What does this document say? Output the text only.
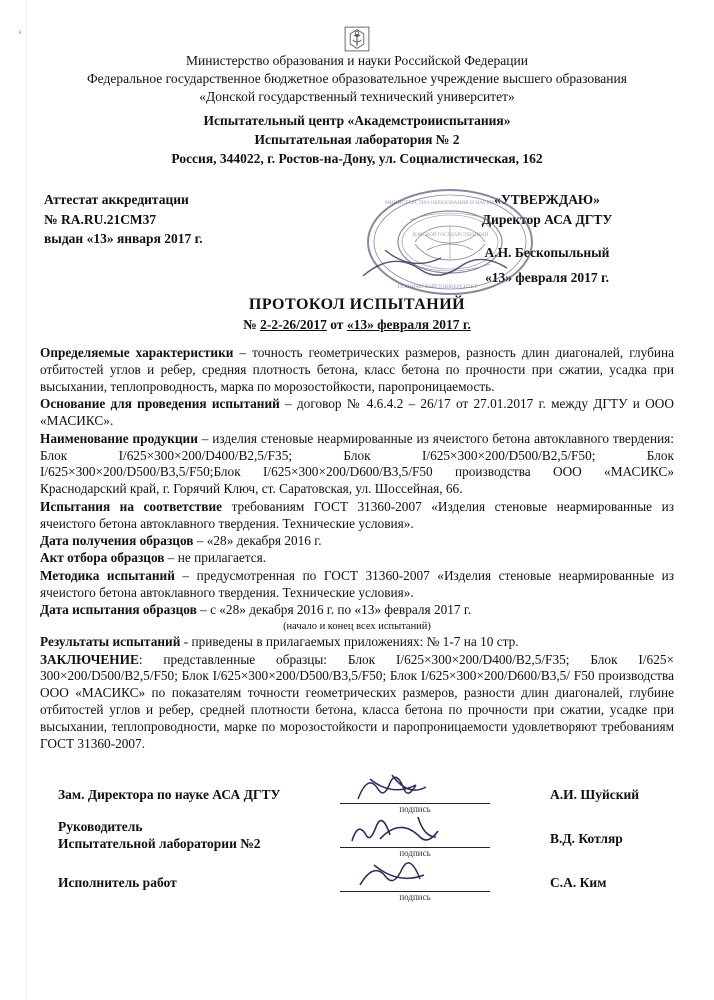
э
Министерство образования и науки Российской Федерации
Федеральное государственное бюджетное образовательное учреждение высшего образования
«Донской государственный технический университет»
Испытательный центр «Академстроииспытания»
Испытательная лаборатория № 2
Россия, 344022, г. Ростов-на-Дону, ул. Социалистическая, 162
Аттестат аккредитации
№ RA.RU.21СМ37
выдан «13» января 2017 г.
«УТВЕРЖДАЮ»
Директор АСА ДГТУ
А.Н. Бескопыльный
«13» февраля 2017 г.
МИНИСТЕРСТВО ОБРАЗОВАНИЯ И НАУКИ
ТЕХНИЧЕСКИЙ УНИВЕРСИТЕТ
ДОНСКОЙ ГОСУДАРСТВЕННЫЙ
ПРОТОКОЛ ИСПЫТАНИЙ
№ 2-2-26/2017 от «13» февраля 2017 г.

Определяемые характеристики – точность геометрических размеров, разность длин диагоналей, глубина отбитостей углов и ребер, средняя плотность бетона, класс бетона по прочности при сжатии, усадка при высыхании, теплопроводность, марка по морозостойкости, паропроницаемость.

Основание для проведения испытаний – договор № 4.6.4.2 – 26/17 от 27.01.2017 г. между ДГТУ и ООО «МАСИКС».

Наименование продукции – изделия стеновые неармированные из ячеистого бетона автоклавного твердения: Блок I/625×300×200/D400/B2,5/F35; Блок I/625×300×200/D500/B2,5/F50; Блок I/625×300×200/D500/B3,5/F50;Блок I/625×300×200/D600/B3,5/F50 производства ООО «МАСИКС» Краснодарский край, г. Горячий Ключ, ст. Саратовская, ул. Шоссейная, 66.

Испытания на соответствие требованиям ГОСТ 31360-2007 «Изделия стеновые неармированные из ячеистого бетона автоклавного твердения. Технические условия».

Дата получения образцов – «28» декабря 2016 г.

Акт отбора образцов – не прилагается.

Методика испытаний – предусмотренная по ГОСТ 31360-2007 «Изделия стеновые неармированные из ячеистого бетона автоклавного твердения. Технические условия».

Дата испытания образцов – с «28» декабря 2016 г. по «13» февраля 2017 г.

(начало и конец всех испытаний)

Результаты испытаний - приведены в прилагаемых приложениях: № 1-7 на 10 стр.

ЗАКЛЮЧЕНИЕ: представленные образцы: Блок I/625×300×200/D400/B2,5/F35; Блок I/625× 300×200/D500/B2,5/F50; Блок I/625×300×200/D500/B3,5/F50; Блок I/625×300×200/D600/B3,5/ F50 производства ООО «МАСИКС» по показателям точности геометрических размеров, разности длин диагоналей, глубине отбитостей углов и ребер, средней плотности бетона, класса бетона по прочности при сжатии, усадке при высыхании, теплопроводности, марке по морозостойкости и паропроницаемости удовлетворяют требованиям ГОСТ 31360-2007.

Зам. Директора по науке АСА ДГТУ
подпись
А.И. Шуйский
Руководитель
Испытательной лаборатории №2
подпись
В.Д. Котляр
Исполнитель работ
подпись
С.А. Ким
